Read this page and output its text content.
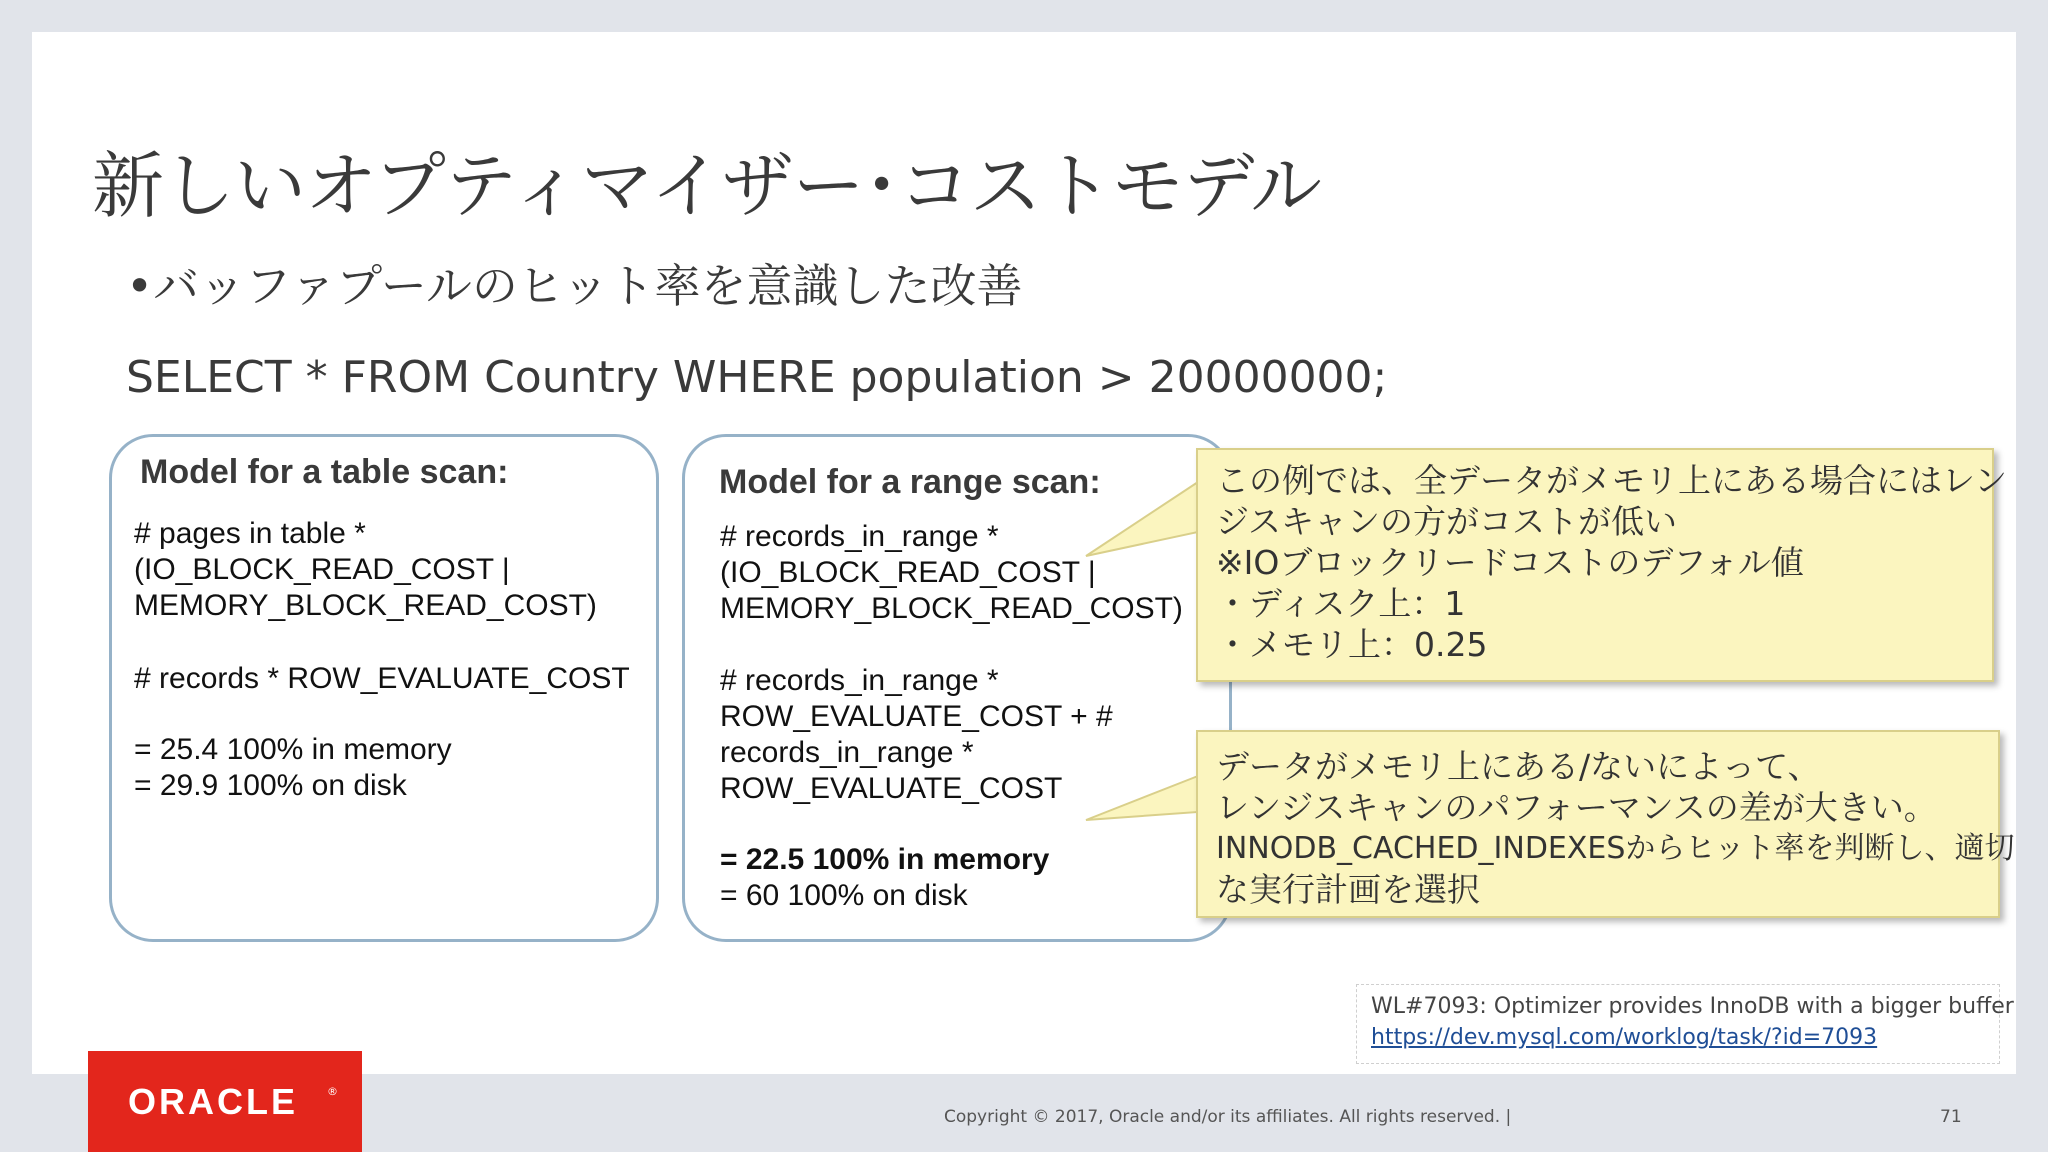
新しいオプティマイザー･コストモデル
•バッファプールのヒット率を意識した改善
SELECT * FROM Country WHERE population > 20000000;
Model for a table scan:
# pages in table *
(IO_BLOCK_READ_COST |
MEMORY_BLOCK_READ_COST)
# records * ROW_EVALUATE_COST
= 25.4 100% in memory
= 29.9 100% on disk
Model for a range scan:
# records_in_range *
(IO_BLOCK_READ_COST |
MEMORY_BLOCK_READ_COST)
# records_in_range *
ROW_EVALUATE_COST + #
records_in_range *
ROW_EVALUATE_COST
= 22.5 100% in memory
= 60 100% on disk
この例では、全データがメモリ上にある場合にはレン
ジスキャンの方がコストが低い
※IOブロックリードコストのデフォル値
・ディスク上：1
・メモリ上：0.25
データがメモリ上にある/ないによって、
レンジスキャンのパフォーマンスの差が大きい。
INNODB_CACHED_INDEXESからヒット率を判断し、適切
な実行計画を選択
WL#7093: Optimizer provides InnoDB with a bigger buffer
https://dev.mysql.com/worklog/task/?id=7093
ORACLE	®
Copyright © 2017, Oracle and/or its affiliates. All rights reserved. |	71
